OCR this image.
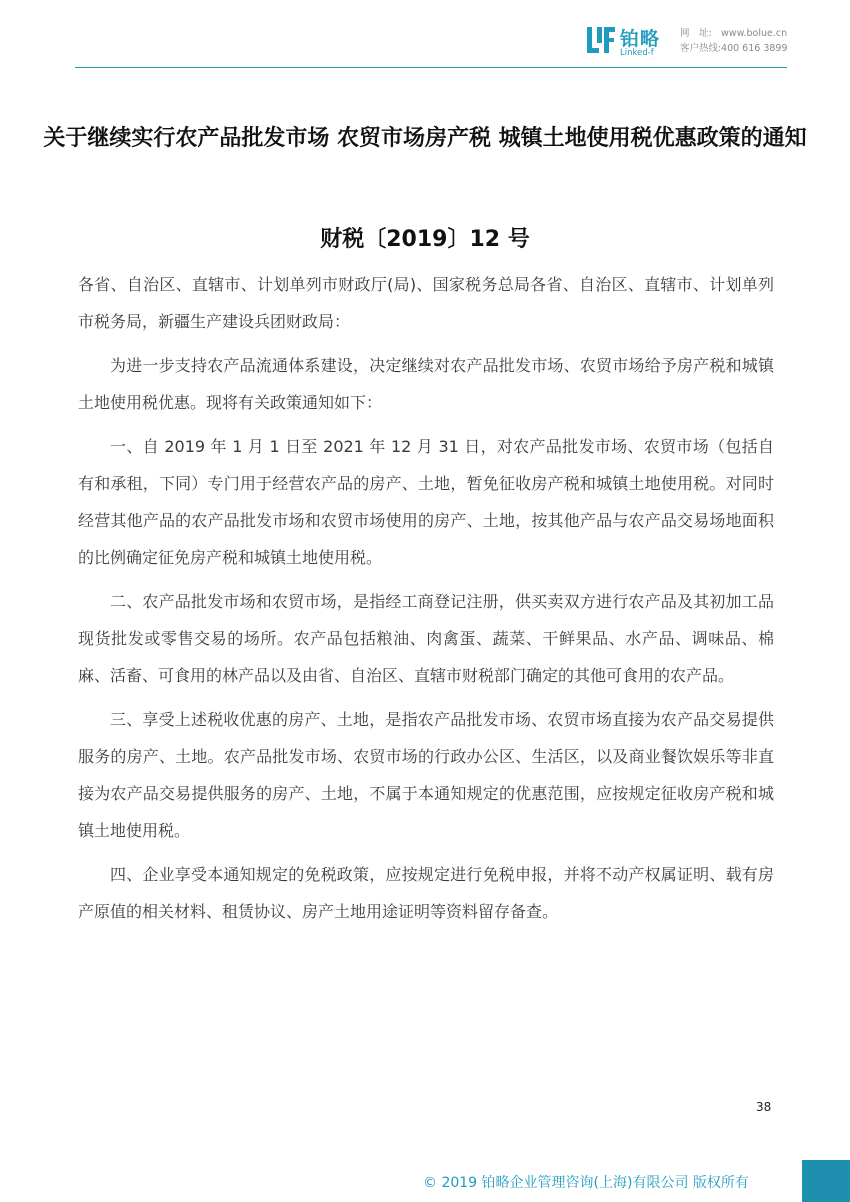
铂略
Linked-f
网　址: www.bolue.cn
客户热线: 400 616 3899
关于继续实行农产品批发市场 农贸市场房产税 城镇土地使用税优惠政策的通知
财税〔2019〕12 号

各省、自治区、直辖市、计划单列市财政厅(局)、国家税务总局各省、自治区、直辖市、计划单列市税务局，新疆生产建设兵团财政局：

为进一步支持农产品流通体系建设，决定继续对农产品批发市场、农贸市场给予房产税和城镇土地使用税优惠。现将有关政策通知如下：

一、自 2019 年 1 月 1 日至 2021 年 12 月 31 日，对农产品批发市场、农贸市场（包括自有和承租，下同）专门用于经营农产品的房产、土地，暂免征收房产税和城镇土地使用税。对同时经营其他产品的农产品批发市场和农贸市场使用的房产、土地，按其他产品与农产品交易场地面积的比例确定征免房产税和城镇土地使用税。

二、农产品批发市场和农贸市场，是指经工商登记注册，供买卖双方进行农产品及其初加工品现货批发或零售交易的场所。农产品包括粮油、肉禽蛋、蔬菜、干鲜果品、水产品、调味品、棉麻、活畜、可食用的林产品以及由省、自治区、直辖市财税部门确定的其他可食用的农产品。

三、享受上述税收优惠的房产、土地，是指农产品批发市场、农贸市场直接为农产品交易提供服务的房产、土地。农产品批发市场、农贸市场的行政办公区、生活区，以及商业餐饮娱乐等非直接为农产品交易提供服务的房产、土地，不属于本通知规定的优惠范围，应按规定征收房产税和城镇土地使用税。

四、企业享受本通知规定的免税政策，应按规定进行免税申报，并将不动产权属证明、载有房产原值的相关材料、租赁协议、房产土地用途证明等资料留存备查。

38
© 2019 铂略企业管理咨询(上海)有限公司 版权所有
